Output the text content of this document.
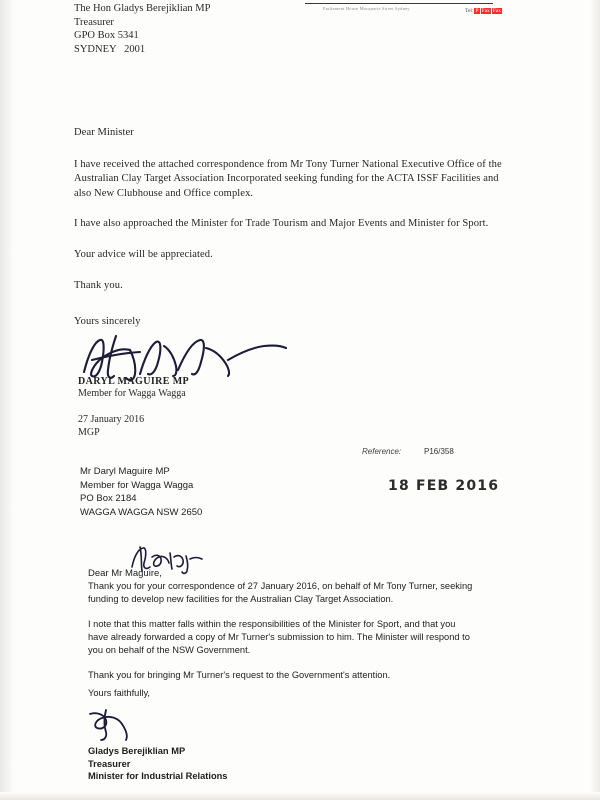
Parliament House Macquarie Street Sydney	Tel: P Fax Fax
The Hon Gladys Berejiklian MP
Treasurer
GPO Box 5341
SYDNEY   2001
Dear Minister
I have received the attached correspondence from Mr Tony Turner National Executive Office of the Australian Clay Target Association Incorporated seeking funding for the ACTA ISSF Facilities and also New Clubhouse and Office complex.
I have also approached the Minister for Trade Tourism and Major Events and Minister for Sport.
Your advice will be appreciated.
Thank you.
Yours sincerely
DARYL MAGUIRE MP
Member for Wagga Wagga
27 January 2016
MGP
Reference:	P16/358
18 FEB 2016
Mr Daryl Maguire MP
Member for Wagga Wagga
PO Box 2184
WAGGA WAGGA NSW 2650
Dear Mr Maguire,

Thank you for your correspondence of 27 January 2016, on behalf of Mr Tony Turner, seeking funding to develop new facilities for the Australian Clay Target Association.

I note that this matter falls within the responsibilities of the Minister for Sport, and that you have already forwarded a copy of Mr Turner's submission to him. The Minister will respond to you on behalf of the NSW Government.

Thank you for bringing Mr Turner's request to the Government's attention.

Yours faithfully,
Gladys Berejiklian MP
Treasurer
Minister for Industrial Relations
